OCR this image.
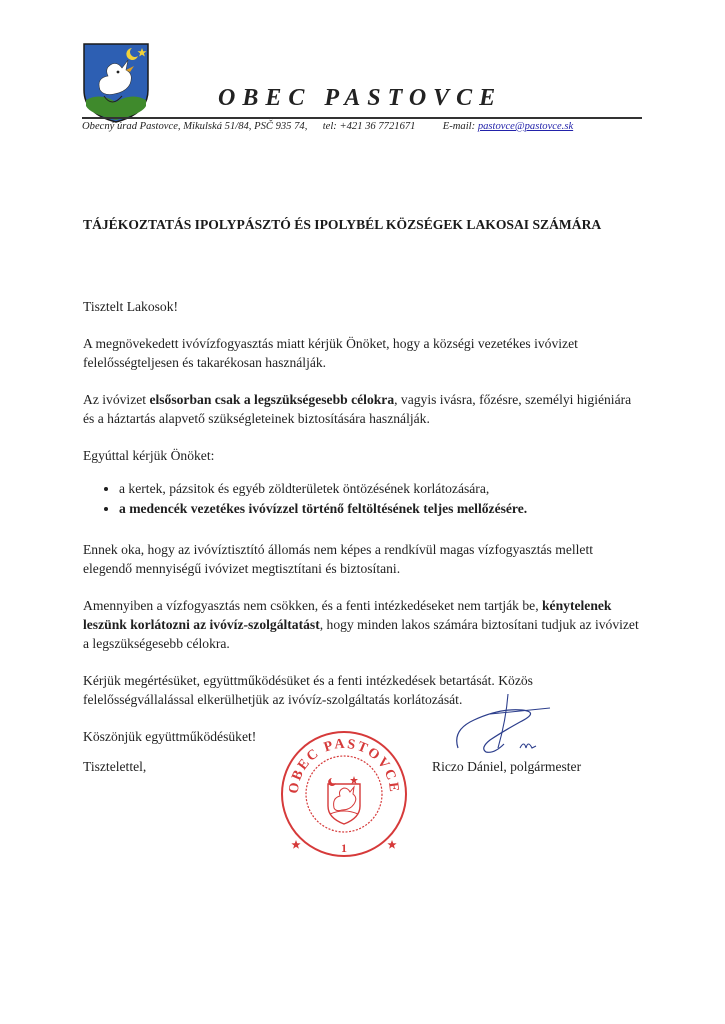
OBEC PASTOVCE
Obecný úrad Pastovce, Mikulská 51/84, PSČ 935 74, tel: +421 36 7721671	E-mail: pastovce@pastovce.sk
TÁJÉKOZTATÁS IPOLYPÁSZTÓ ÉS IPOLYBÉL KÖZSÉGEK LAKOSAI SZÁMÁRA

Tisztelt Lakosok!

A megnövekedett ivóvízfogyasztás miatt kérjük Önöket, hogy a községi vezetékes ivóvizet felelősségteljesen és takarékosan használják.

Az ivóvizet elsősorban csak a legszükségesebb célokra, vagyis ivásra, főzésre, személyi higiéniára és a háztartás alapvető szükségleteinek biztosítására használják.

Egyúttal kérjük Önöket:

• a kertek, pázsitok és egyéb zöldterületek öntözésének korlátozására,
• a medencék vezetékes ivóvízzel történő feltöltésének teljes mellőzésére.

Ennek oka, hogy az ivóvíztisztító állomás nem képes a rendkívül magas vízfogyasztás mellett elegendő mennyiségű ivóvizet megtisztítani és biztosítani.

Amennyiben a vízfogyasztás nem csökken, és a fenti intézkedéseket nem tartják be, kénytelenek leszünk korlátozni az ivóvíz-szolgáltatást, hogy minden lakos számára biztosítani tudjuk az ivóvizet a legszükségesebb célokra.

Kérjük megértésüket, együttműködésüket és a fenti intézkedések betartását. Közös felelősségvállalással elkerülhetjük az ivóvíz-szolgáltatás korlátozását.

Köszönjük együttműködésüket!

Tisztelettel,	Riczo Dániel, polgármester
OBEC PASTOVCE
1
